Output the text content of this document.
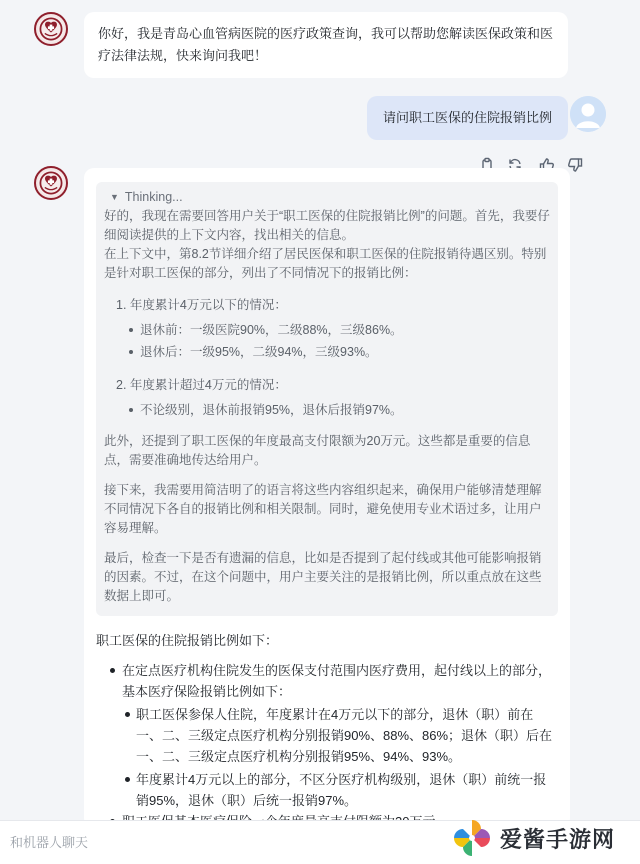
你好，我是青岛心血管病医院的医疗政策查询，我可以帮助您解读医保政策和医疗法律法规，快来询问我吧！
请问职工医保的住院报销比例
▼ Thinking...

好的，我现在需要回答用户关于“职工医保的住院报销比例”的问题。首先，我要仔细阅读提供的上下文内容，找出相关的信息。

在上下文中，第8.2节详细介绍了居民医保和职工医保的住院报销待遇区别。特别是针对职工医保的部分，列出了不同情况下的报销比例：

1. 年度累计4万元以下的情况：

退休前：一级医院90%，二级88%，三级86%。
退休后：一级95%，二级94%，三级93%。

2. 年度累计超过4万元的情况：

不论级别，退休前报销95%，退休后报销97%。

此外，还提到了职工医保的年度最高支付限额为20万元。这些都是重要的信息点，需要准确地传达给用户。

接下来，我需要用简洁明了的语言将这些内容组织起来，确保用户能够清楚理解不同情况下各自的报销比例和相关限制。同时，避免使用专业术语过多，让用户容易理解。

最后，检查一下是否有遗漏的信息，比如是否提到了起付线或其他可能影响报销的因素。不过，在这个问题中，用户主要关注的是报销比例，所以重点放在这些数据上即可。

职工医保的住院报销比例如下：

在定点医疗机构住院发生的医保支付范围内医疗费用，起付线以上的部分，基本医疗保险报销比例如下：
职工医保参保人住院，年度累计在4万元以下的部分，退休（职）前在一、二、三级定点医疗机构分别报销90%、88%、86%；退休（职）后在一、二、三级定点医疗机构分别报销95%、94%、93%。
年度累计4万元以上的部分，不区分医疗机构级别，退休（职）前统一报销95%，退休（职）后统一报销97%。
和机器人聊天
爱酱手游网
